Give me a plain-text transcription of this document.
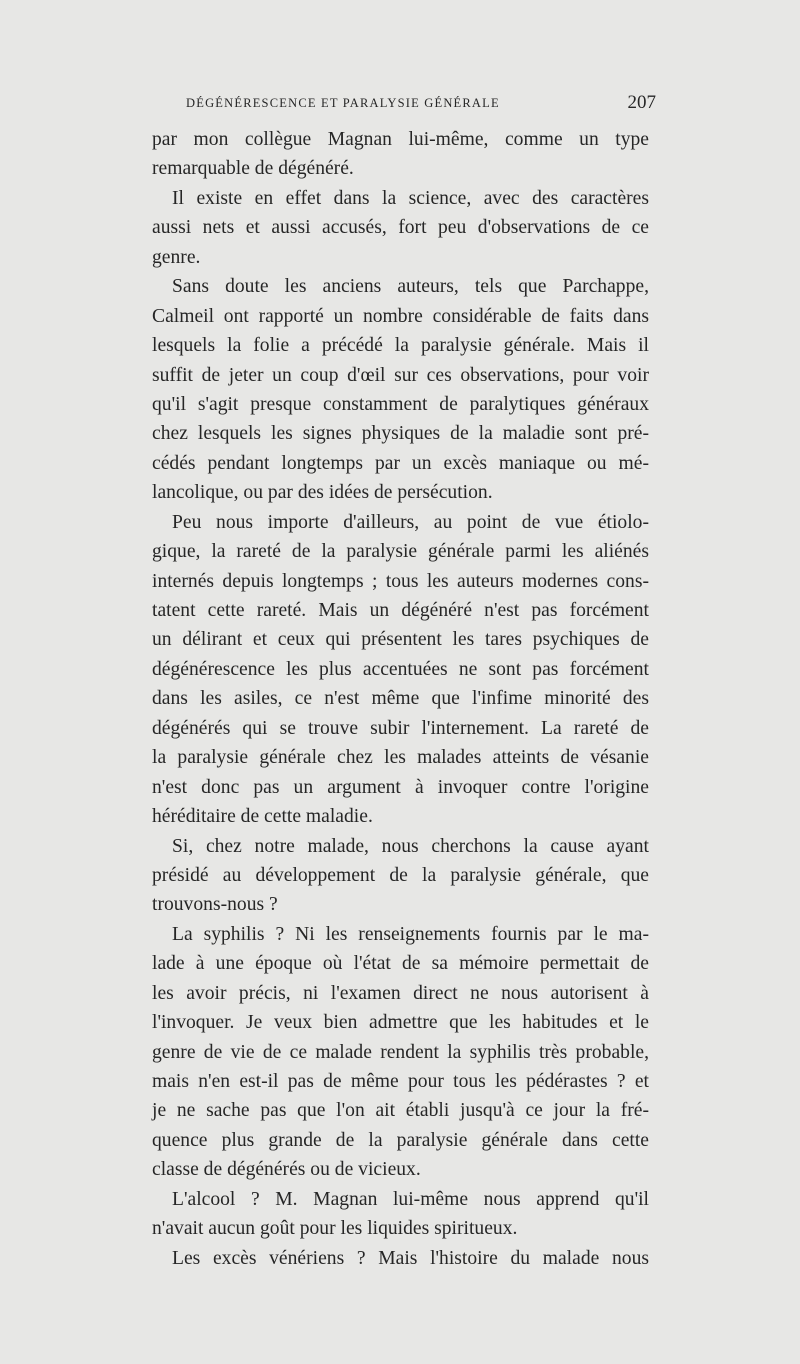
DÉGÉNÉRESCENCE ET PARALYSIE GÉNÉRALE	207
par mon collègue Magnan lui-même, comme un type
remarquable de dégénéré.
Il existe en effet dans la science, avec des caractères
aussi nets et aussi accusés, fort peu d'observations de ce
genre.
Sans doute les anciens auteurs, tels que Parchappe,
Calmeil ont rapporté un nombre considérable de faits dans
lesquels la folie a précédé la paralysie générale. Mais il
suffit de jeter un coup d'œil sur ces observations, pour voir
qu'il s'agit presque constamment de paralytiques généraux
chez lesquels les signes physiques de la maladie sont pré-
cédés pendant longtemps par un excès maniaque ou mé-
lancolique, ou par des idées de persécution.
Peu nous importe d'ailleurs, au point de vue étiolo-
gique, la rareté de la paralysie générale parmi les aliénés
internés depuis longtemps ; tous les auteurs modernes cons-
tatent cette rareté. Mais un dégénéré n'est pas forcément
un délirant et ceux qui présentent les tares psychiques de
dégénérescence les plus accentuées ne sont pas forcément
dans les asiles, ce n'est même que l'infime minorité des
dégénérés qui se trouve subir l'internement. La rareté de
la paralysie générale chez les malades atteints de vésanie
n'est donc pas un argument à invoquer contre l'origine
héréditaire de cette maladie.
Si, chez notre malade, nous cherchons la cause ayant
présidé au développement de la paralysie générale, que
trouvons-nous ?
La syphilis ? Ni les renseignements fournis par le ma-
lade à une époque où l'état de sa mémoire permettait de
les avoir précis, ni l'examen direct ne nous autorisent à
l'invoquer. Je veux bien admettre que les habitudes et le
genre de vie de ce malade rendent la syphilis très probable,
mais n'en est-il pas de même pour tous les pédérastes ? et
je ne sache pas que l'on ait établi jusqu'à ce jour la fré-
quence plus grande de la paralysie générale dans cette
classe de dégénérés ou de vicieux.
L'alcool ? M. Magnan lui-même nous apprend qu'il
n'avait aucun goût pour les liquides spiritueux.
Les excès vénériens ? Mais l'histoire du malade nous
